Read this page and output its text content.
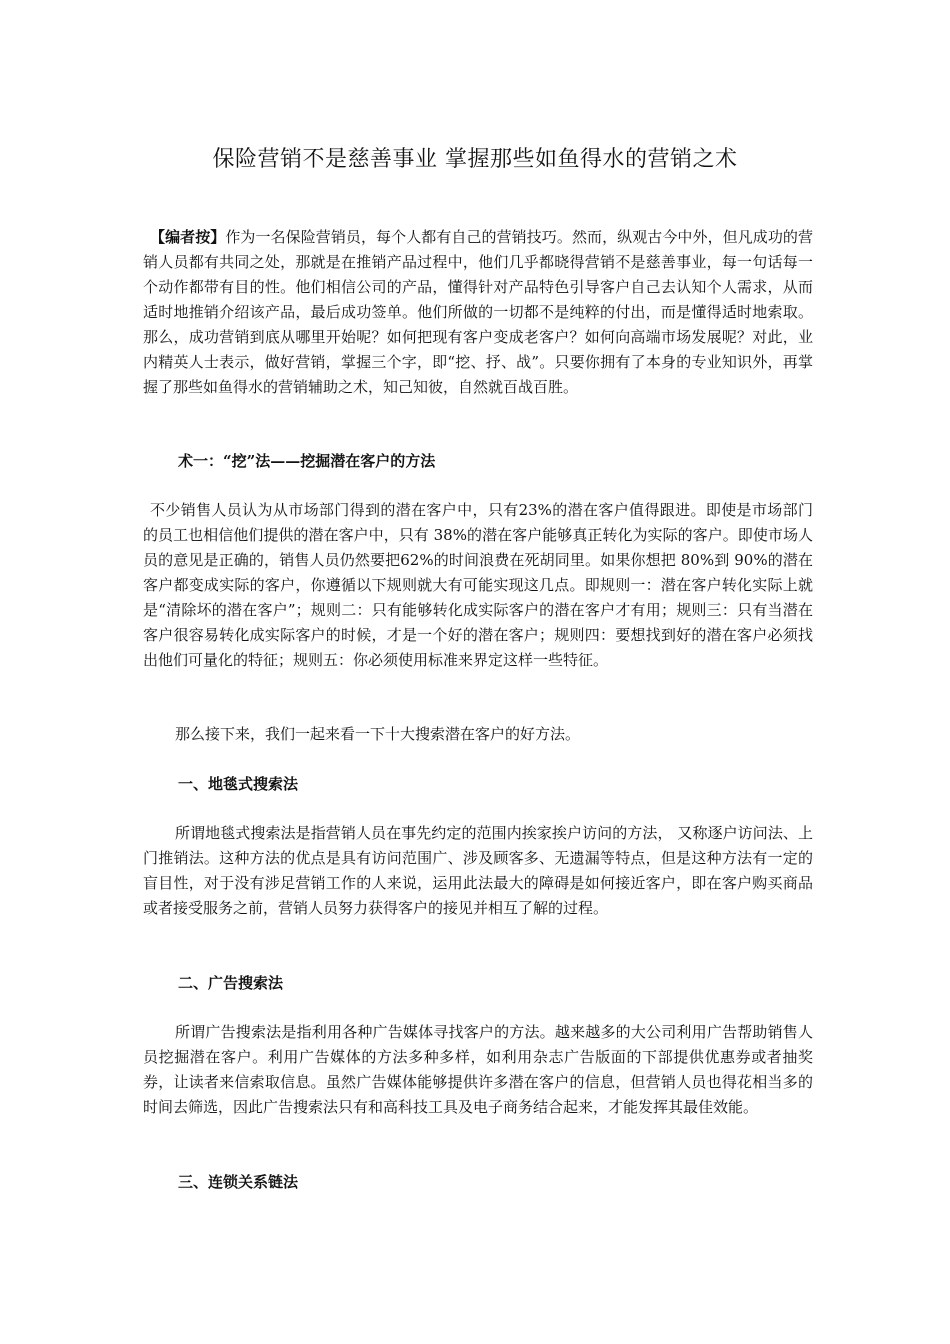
保险营销不是慈善事业 掌握那些如鱼得水的营销之术
【编者按】作为一名保险营销员，每个人都有自己的营销技巧。然而，纵观古今中外，但凡成功的营销人员都有共同之处，那就是在推销产品过程中，他们几乎都晓得营销不是慈善事业，每一句话每一个动作都带有目的性。他们相信公司的产品，懂得针对产品特色引导客户自己去认知个人需求，从而适时地推销介绍该产品，最后成功签单。他们所做的一切都不是纯粹的付出，而是懂得适时地索取。那么，成功营销到底从哪里开始呢？如何把现有客户变成老客户？如何向高端市场发展呢？对此，业内精英人士表示，做好营销，掌握三个字，即“挖、抒、战”。只要你拥有了本身的专业知识外，再掌握了那些如鱼得水的营销辅助之术，知己知彼，自然就百战百胜。
术一：“挖”法——挖掘潜在客户的方法
不少销售人员认为从市场部门得到的潜在客户中，只有23%的潜在客户值得跟进。即使是市场部门的员工也相信他们提供的潜在客户中，只有 38%的潜在客户能够真正转化为实际的客户。即使市场人员的意见是正确的，销售人员仍然要把62%的时间浪费在死胡同里。如果你想把 80%到 90%的潜在客户都变成实际的客户，你遵循以下规则就大有可能实现这几点。即规则一：潜在客户转化实际上就是“清除坏的潜在客户”；规则二：只有能够转化成实际客户的潜在客户才有用；规则三：只有当潜在客户很容易转化成实际客户的时候，才是一个好的潜在客户；规则四：要想找到好的潜在客户必须找出他们可量化的特征；规则五：你必须使用标准来界定这样一些特征。
那么接下来，我们一起来看一下十大搜索潜在客户的好方法。
一、地毯式搜索法
所谓地毯式搜索法是指营销人员在事先约定的范围内挨家挨户访问的方法， 又称逐户访问法、上门推销法。这种方法的优点是具有访问范围广、涉及顾客多、无遗漏等特点，但是这种方法有一定的盲目性，对于没有涉足营销工作的人来说，运用此法最大的障碍是如何接近客户，即在客户购买商品或者接受服务之前，营销人员努力获得客户的接见并相互了解的过程。
二、广告搜索法
所谓广告搜索法是指利用各种广告媒体寻找客户的方法。越来越多的大公司利用广告帮助销售人员挖掘潜在客户。利用广告媒体的方法多种多样，如利用杂志广告版面的下部提供优惠券或者抽奖券，让读者来信索取信息。虽然广告媒体能够提供许多潜在客户的信息，但营销人员也得花相当多的时间去筛选，因此广告搜索法只有和高科技工具及电子商务结合起来，才能发挥其最佳效能。
三、连锁关系链法
